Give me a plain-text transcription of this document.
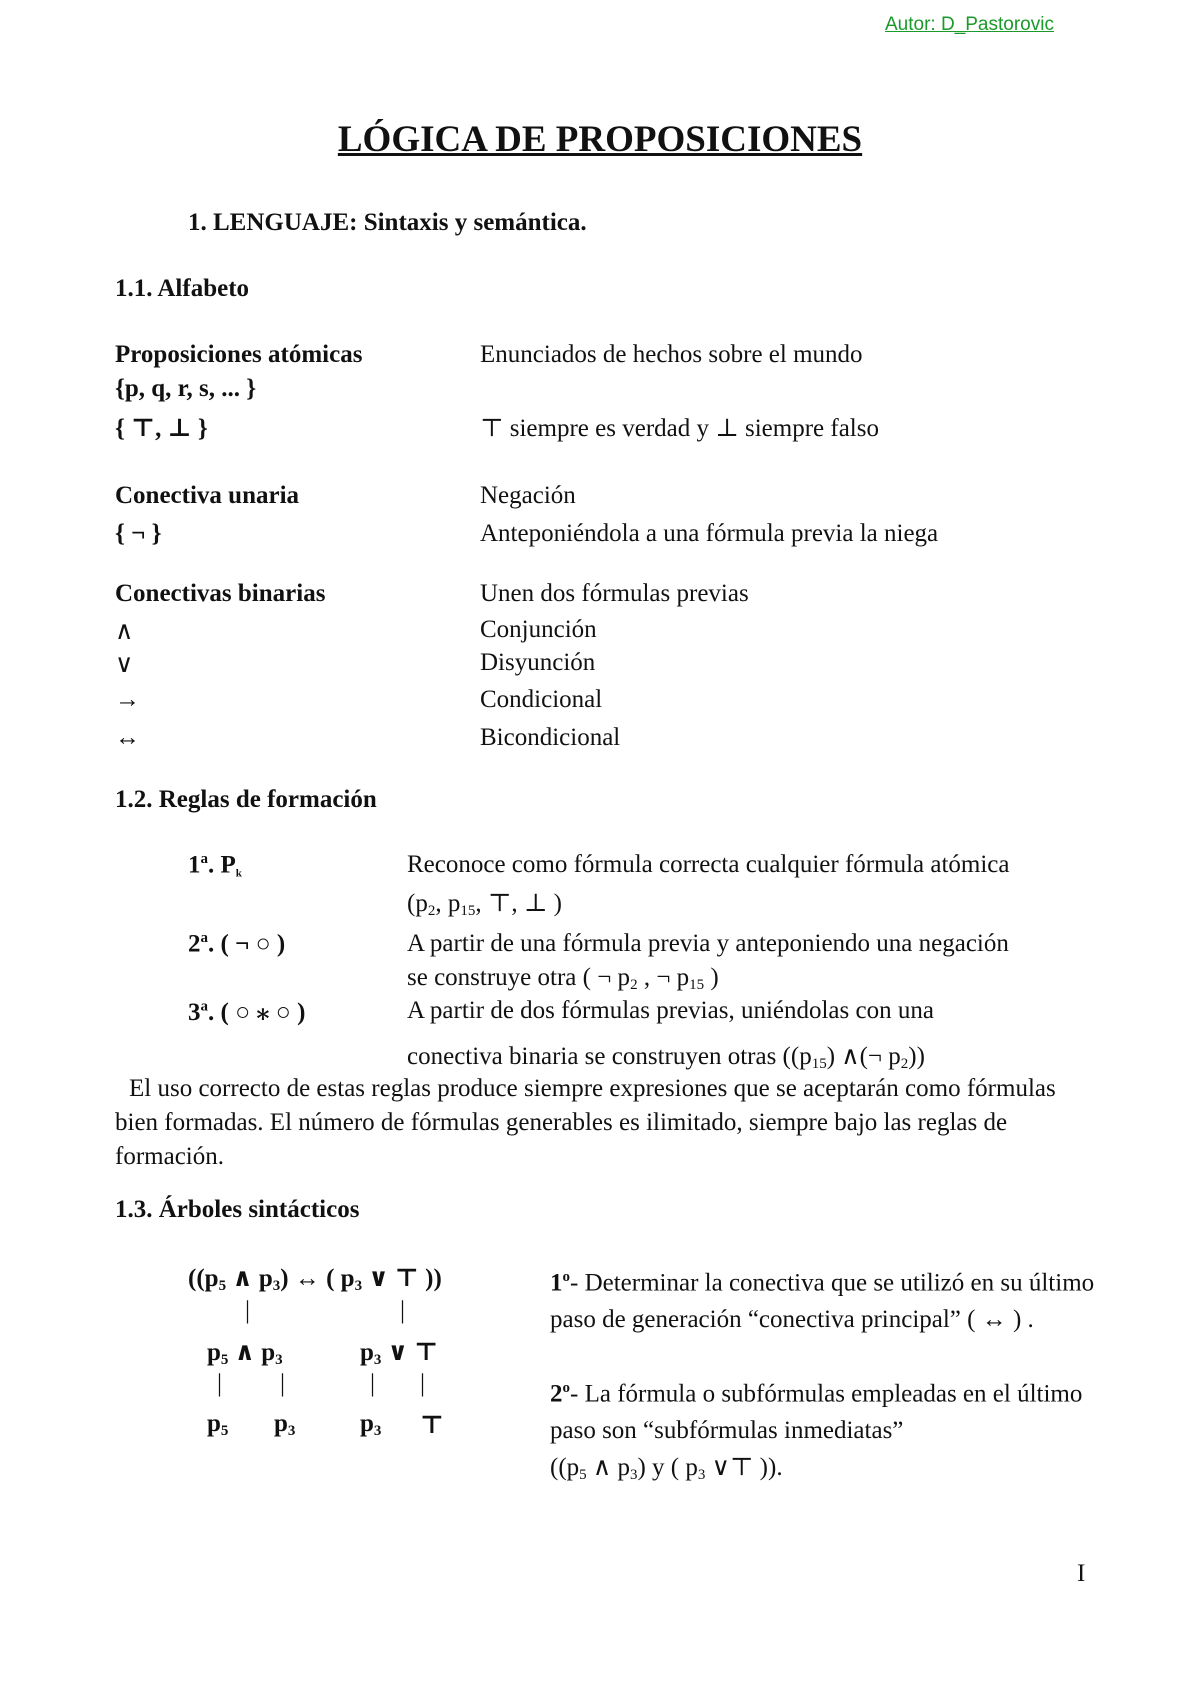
Autor: D_Pastorovic
LÓGICA DE PROPOSICIONES
1. LENGUAJE: Sintaxis y semántica.
1.1. Alfabeto
Proposiciones atómicas	Enunciados de hechos sobre el mundo
{p, q, r, s, ... }
{ ⊤, ⊥ }	⊤ siempre es verdad y ⊥ siempre falso
Conectiva unaria	Negación
{ ¬ }	Anteponiéndola a una fórmula previa la niega
Conectivas binarias	Unen dos fórmulas previas
∧	Conjunción
∨	Disyunción
→	Condicional
↔	Bicondicional
1.2. Reglas de formación
1$^a$. $P_k$	Reconoce como fórmula correcta cualquier fórmula atómica
($p_2$, $p_{15}$, ⊤, ⊥ )
2$^a$. ( ¬ ○ )	A partir de una fórmula previa y anteponiendo una negación
se construye otra ( ¬ $p_2$ , ¬ $p_{15}$ )
3$^a$. ( ○ ⁎ ○ )	A partir de dos fórmulas previas, uniéndolas con una
conectiva binaria se construyen otras ($(p_{15})$ ∧(¬ $p_2$))
El uso correcto de estas reglas produce siempre expresiones que se aceptarán como fórmulas bien formadas. El número de fórmulas generables es ilimitado, siempre bajo las reglas de formación.
1.3. Árboles sintácticos
(($p_5$ ∧ $p_3$) ↔ ( $p_3$ ∨ ⊤ ))
|	|
$p_5$ ∧ $p_3$	$p_3$ ∨ ⊤
| |	| |
$p_5$ $p_3$	$p_3$ ⊤
1$^o$- Determinar la conectiva que se utilizó en su último paso de generación “conectiva principal” ( ↔ ) .
2$^o$- La fórmula o subfórmulas empleadas en el último paso son “subfórmulas inmediatas”
(($p_5$ ∧ $p_3$) y ( $p_3$ ∨⊤ )).
I
